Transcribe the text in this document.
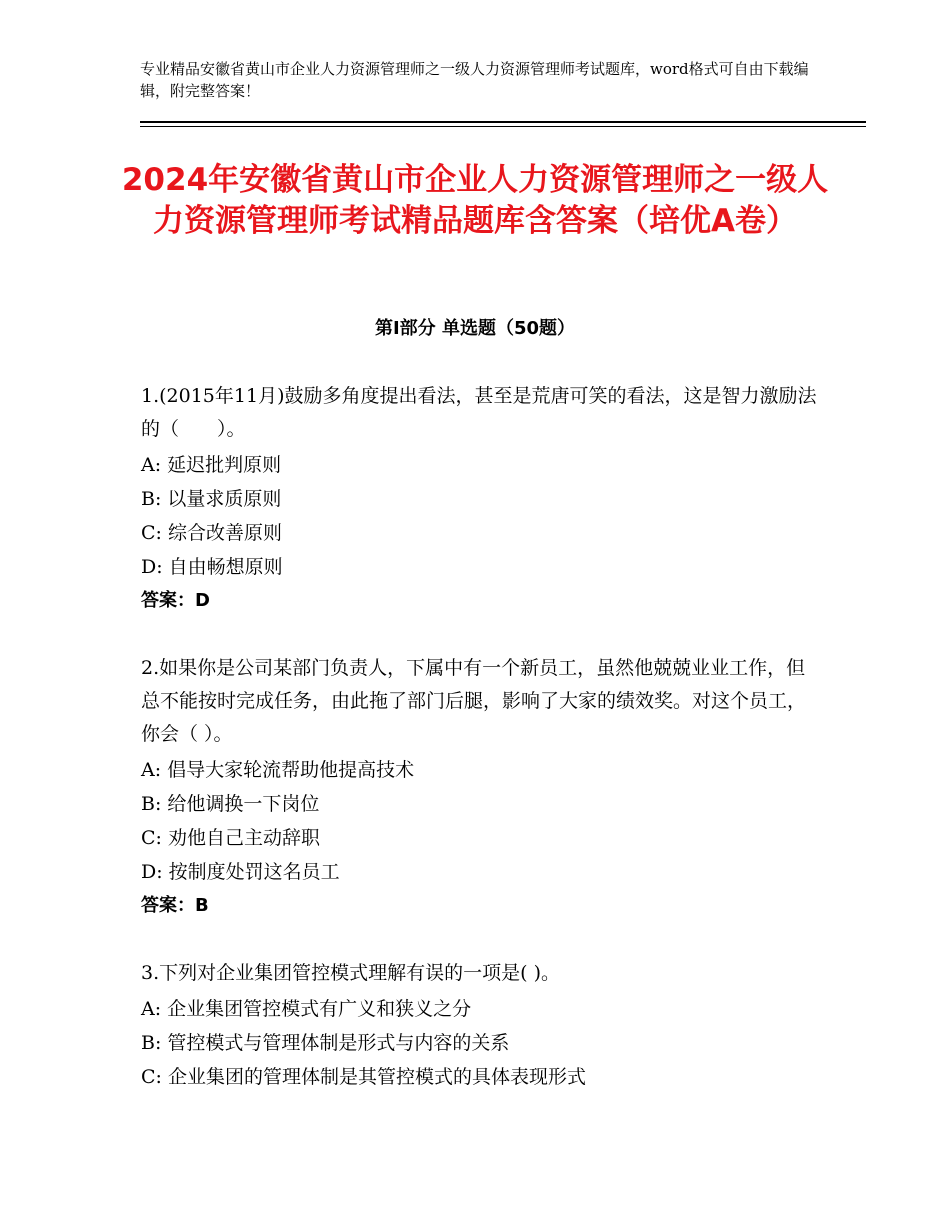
专业精品安徽省黄山市企业人力资源管理师之一级人力资源管理师考试题库，word格式可自由下载编辑，附完整答案！
2024年安徽省黄山市企业人力资源管理师之一级人力资源管理师考试精品题库含答案（培优A卷）
第Ⅰ部分 单选题（50题）
1.(2015年11月)鼓励多角度提出看法，甚至是荒唐可笑的看法，这是智力激励法的（　　）。
A: 延迟批判原则
B: 以量求质原则
C: 综合改善原则
D: 自由畅想原则
答案：D
2.如果你是公司某部门负责人，下属中有一个新员工，虽然他兢兢业业工作，但总不能按时完成任务，由此拖了部门后腿，影响了大家的绩效奖。对这个员工，你会（ ）。
A: 倡导大家轮流帮助他提高技术
B: 给他调换一下岗位
C: 劝他自己主动辞职
D: 按制度处罚这名员工
答案：B
3.下列对企业集团管控模式理解有误的一项是( )。
A: 企业集团管控模式有广义和狭义之分
B: 管控模式与管理体制是形式与内容的关系
C: 企业集团的管理体制是其管控模式的具体表现形式
